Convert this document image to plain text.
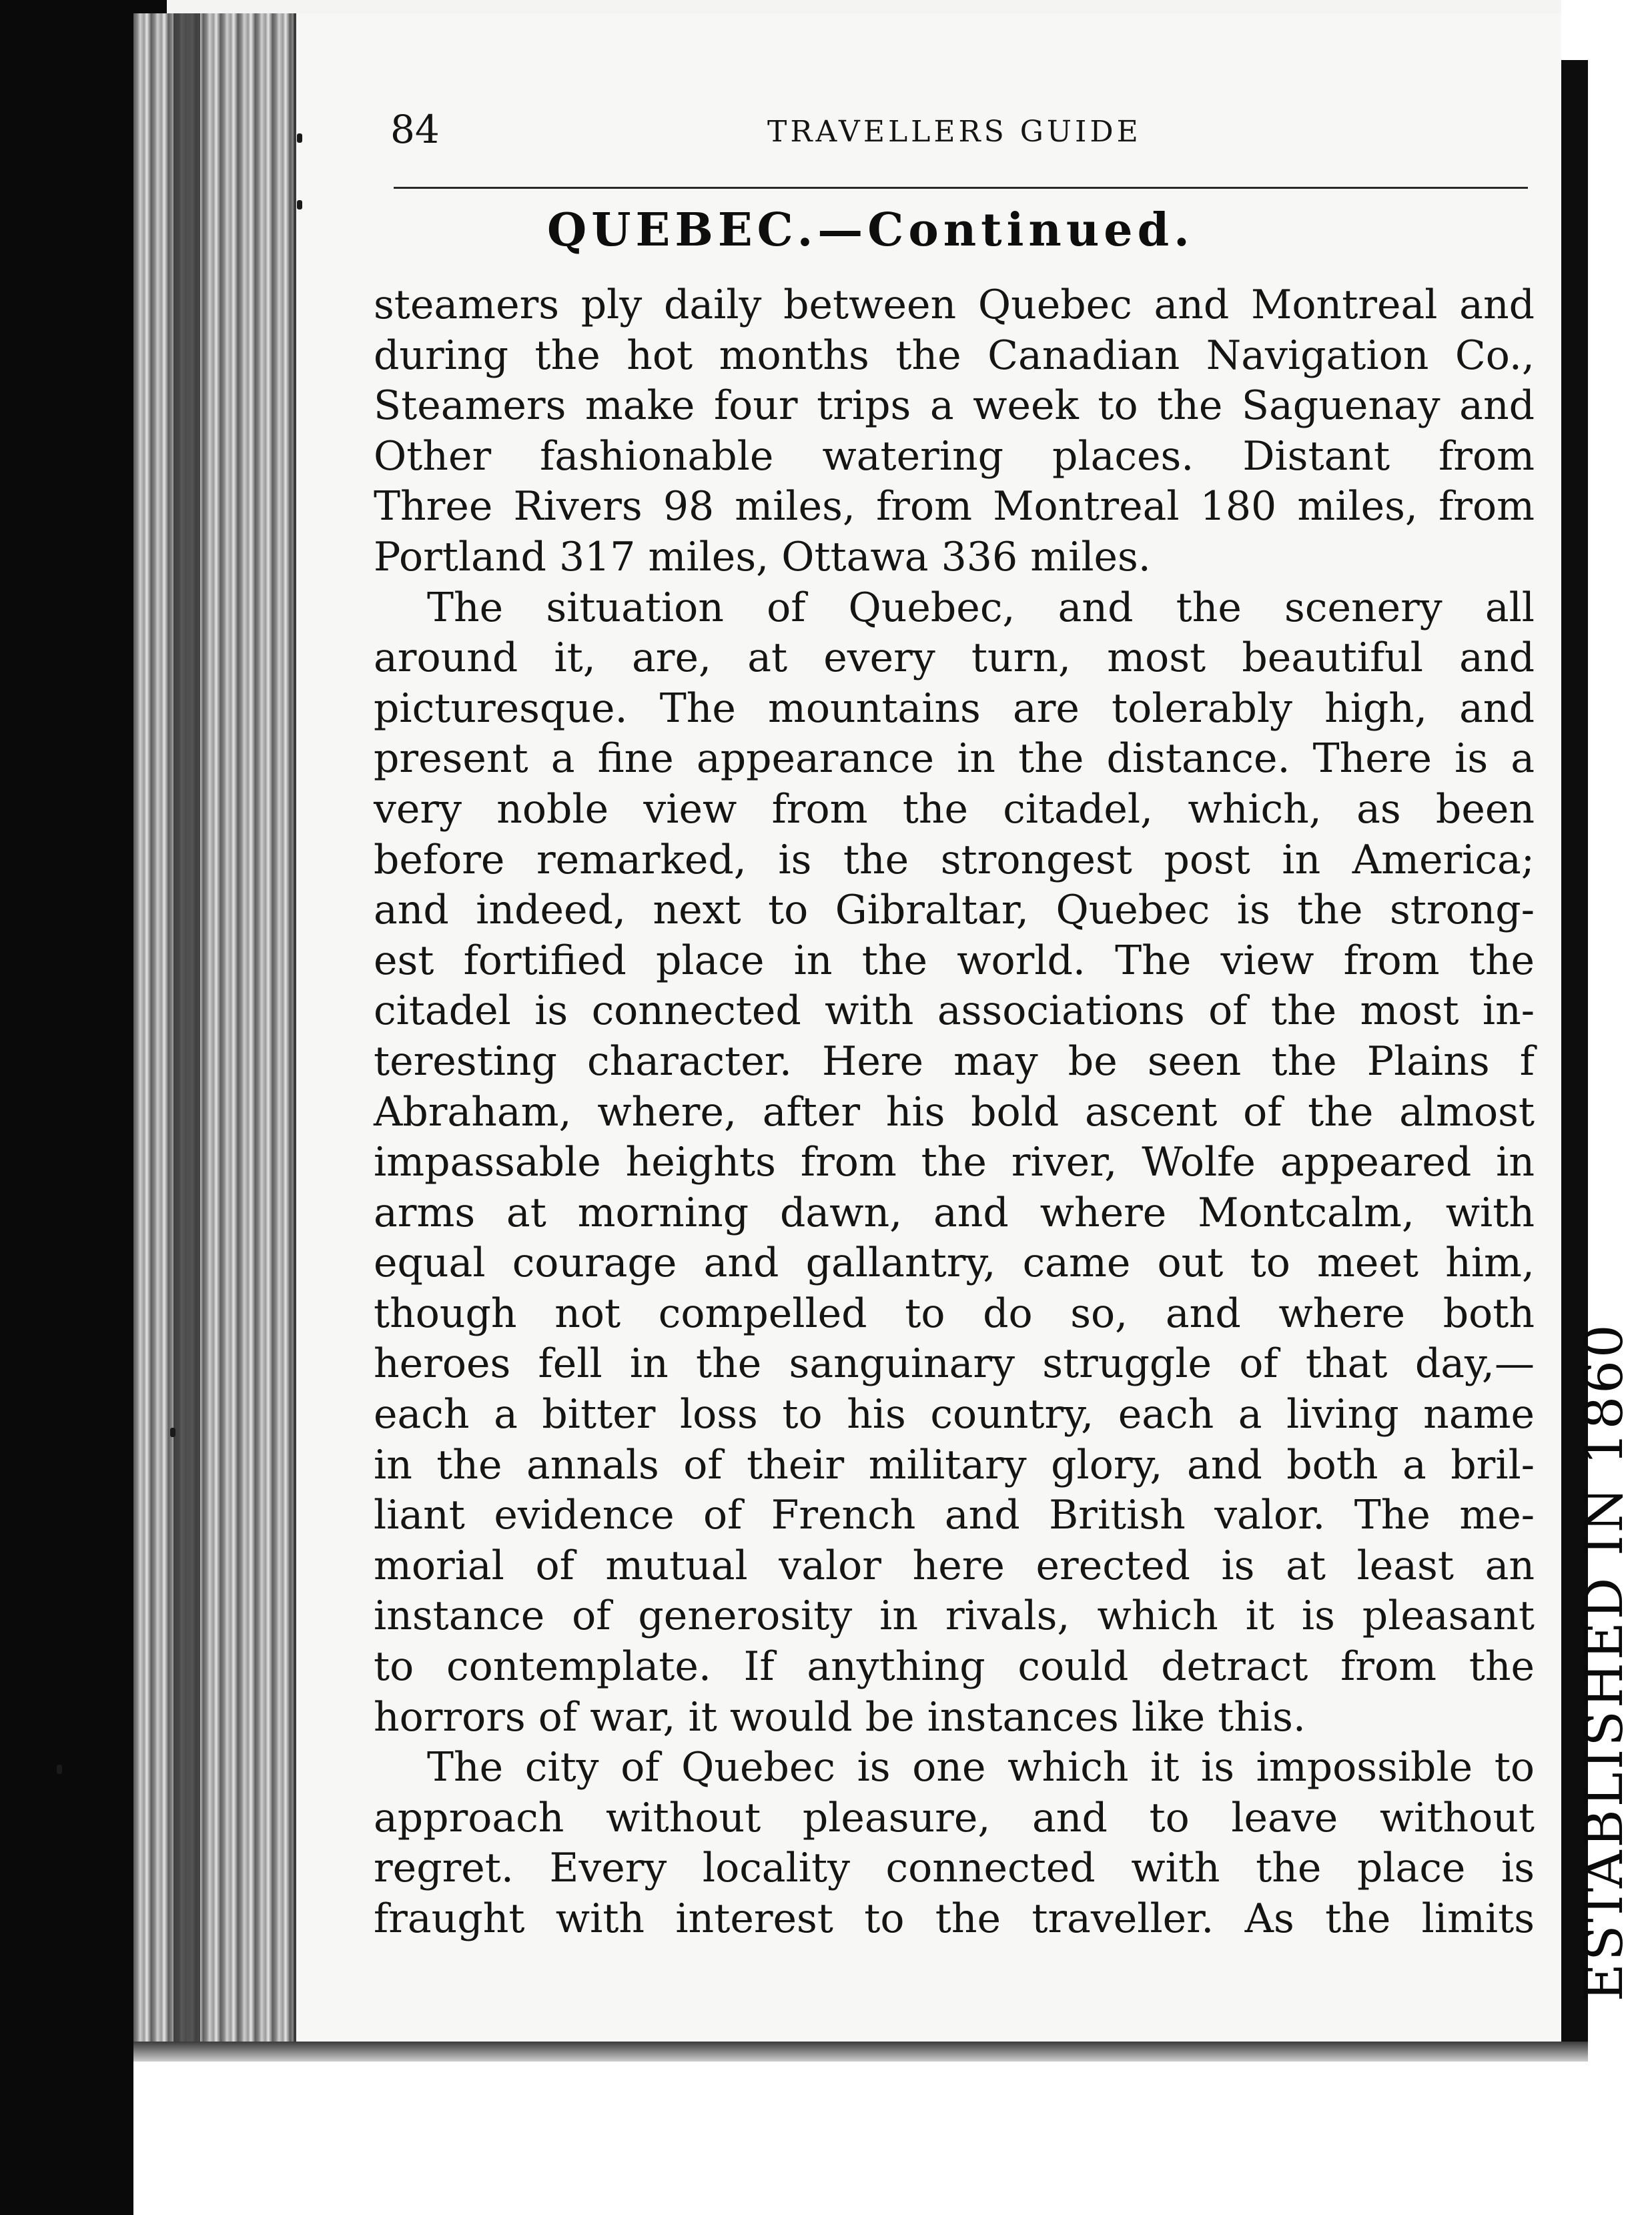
84	TRAVELLERS GUIDE
QUEBEC.—Continued.
steamers ply daily between Quebec and Montreal and
during the hot months the Canadian Navigation Co.,
Steamers make four trips a week to the Saguenay and
Other fashionable watering places. Distant from
Three Rivers 98 miles, from Montreal 180 miles, from
Portland 317 miles, Ottawa 336 miles.
The situation of Quebec, and the scenery all
around it, are, at every turn, most beautiful and
picturesque. The mountains are tolerably high, and
present a fine appearance in the distance. There is a
very noble view from the citadel, which, as been
before remarked, is the strongest post in America;
and indeed, next to Gibraltar, Quebec is the strong-
est fortified place in the world. The view from the
citadel is connected with associations of the most in-
teresting character. Here may be seen the Plains f
Abraham, where, after his bold ascent of the almost
impassable heights from the river, Wolfe appeared in
arms at morning dawn, and where Montcalm, with
equal courage and gallantry, came out to meet him,
though not compelled to do so, and where both
heroes fell in the sanguinary struggle of that day,—
each a bitter loss to his country, each a living name
in the annals of their military glory, and both a bril-
liant evidence of French and British valor. The me-
morial of mutual valor here erected is at least an
instance of generosity in rivals, which it is pleasant
to contemplate. If anything could detract from the
horrors of war, it would be instances like this.
The city of Quebec is one which it is impossible to
approach without pleasure, and to leave without
regret. Every locality connected with the place is
fraught with interest to the traveller. As the limits ESTABLISHED IN 1860
